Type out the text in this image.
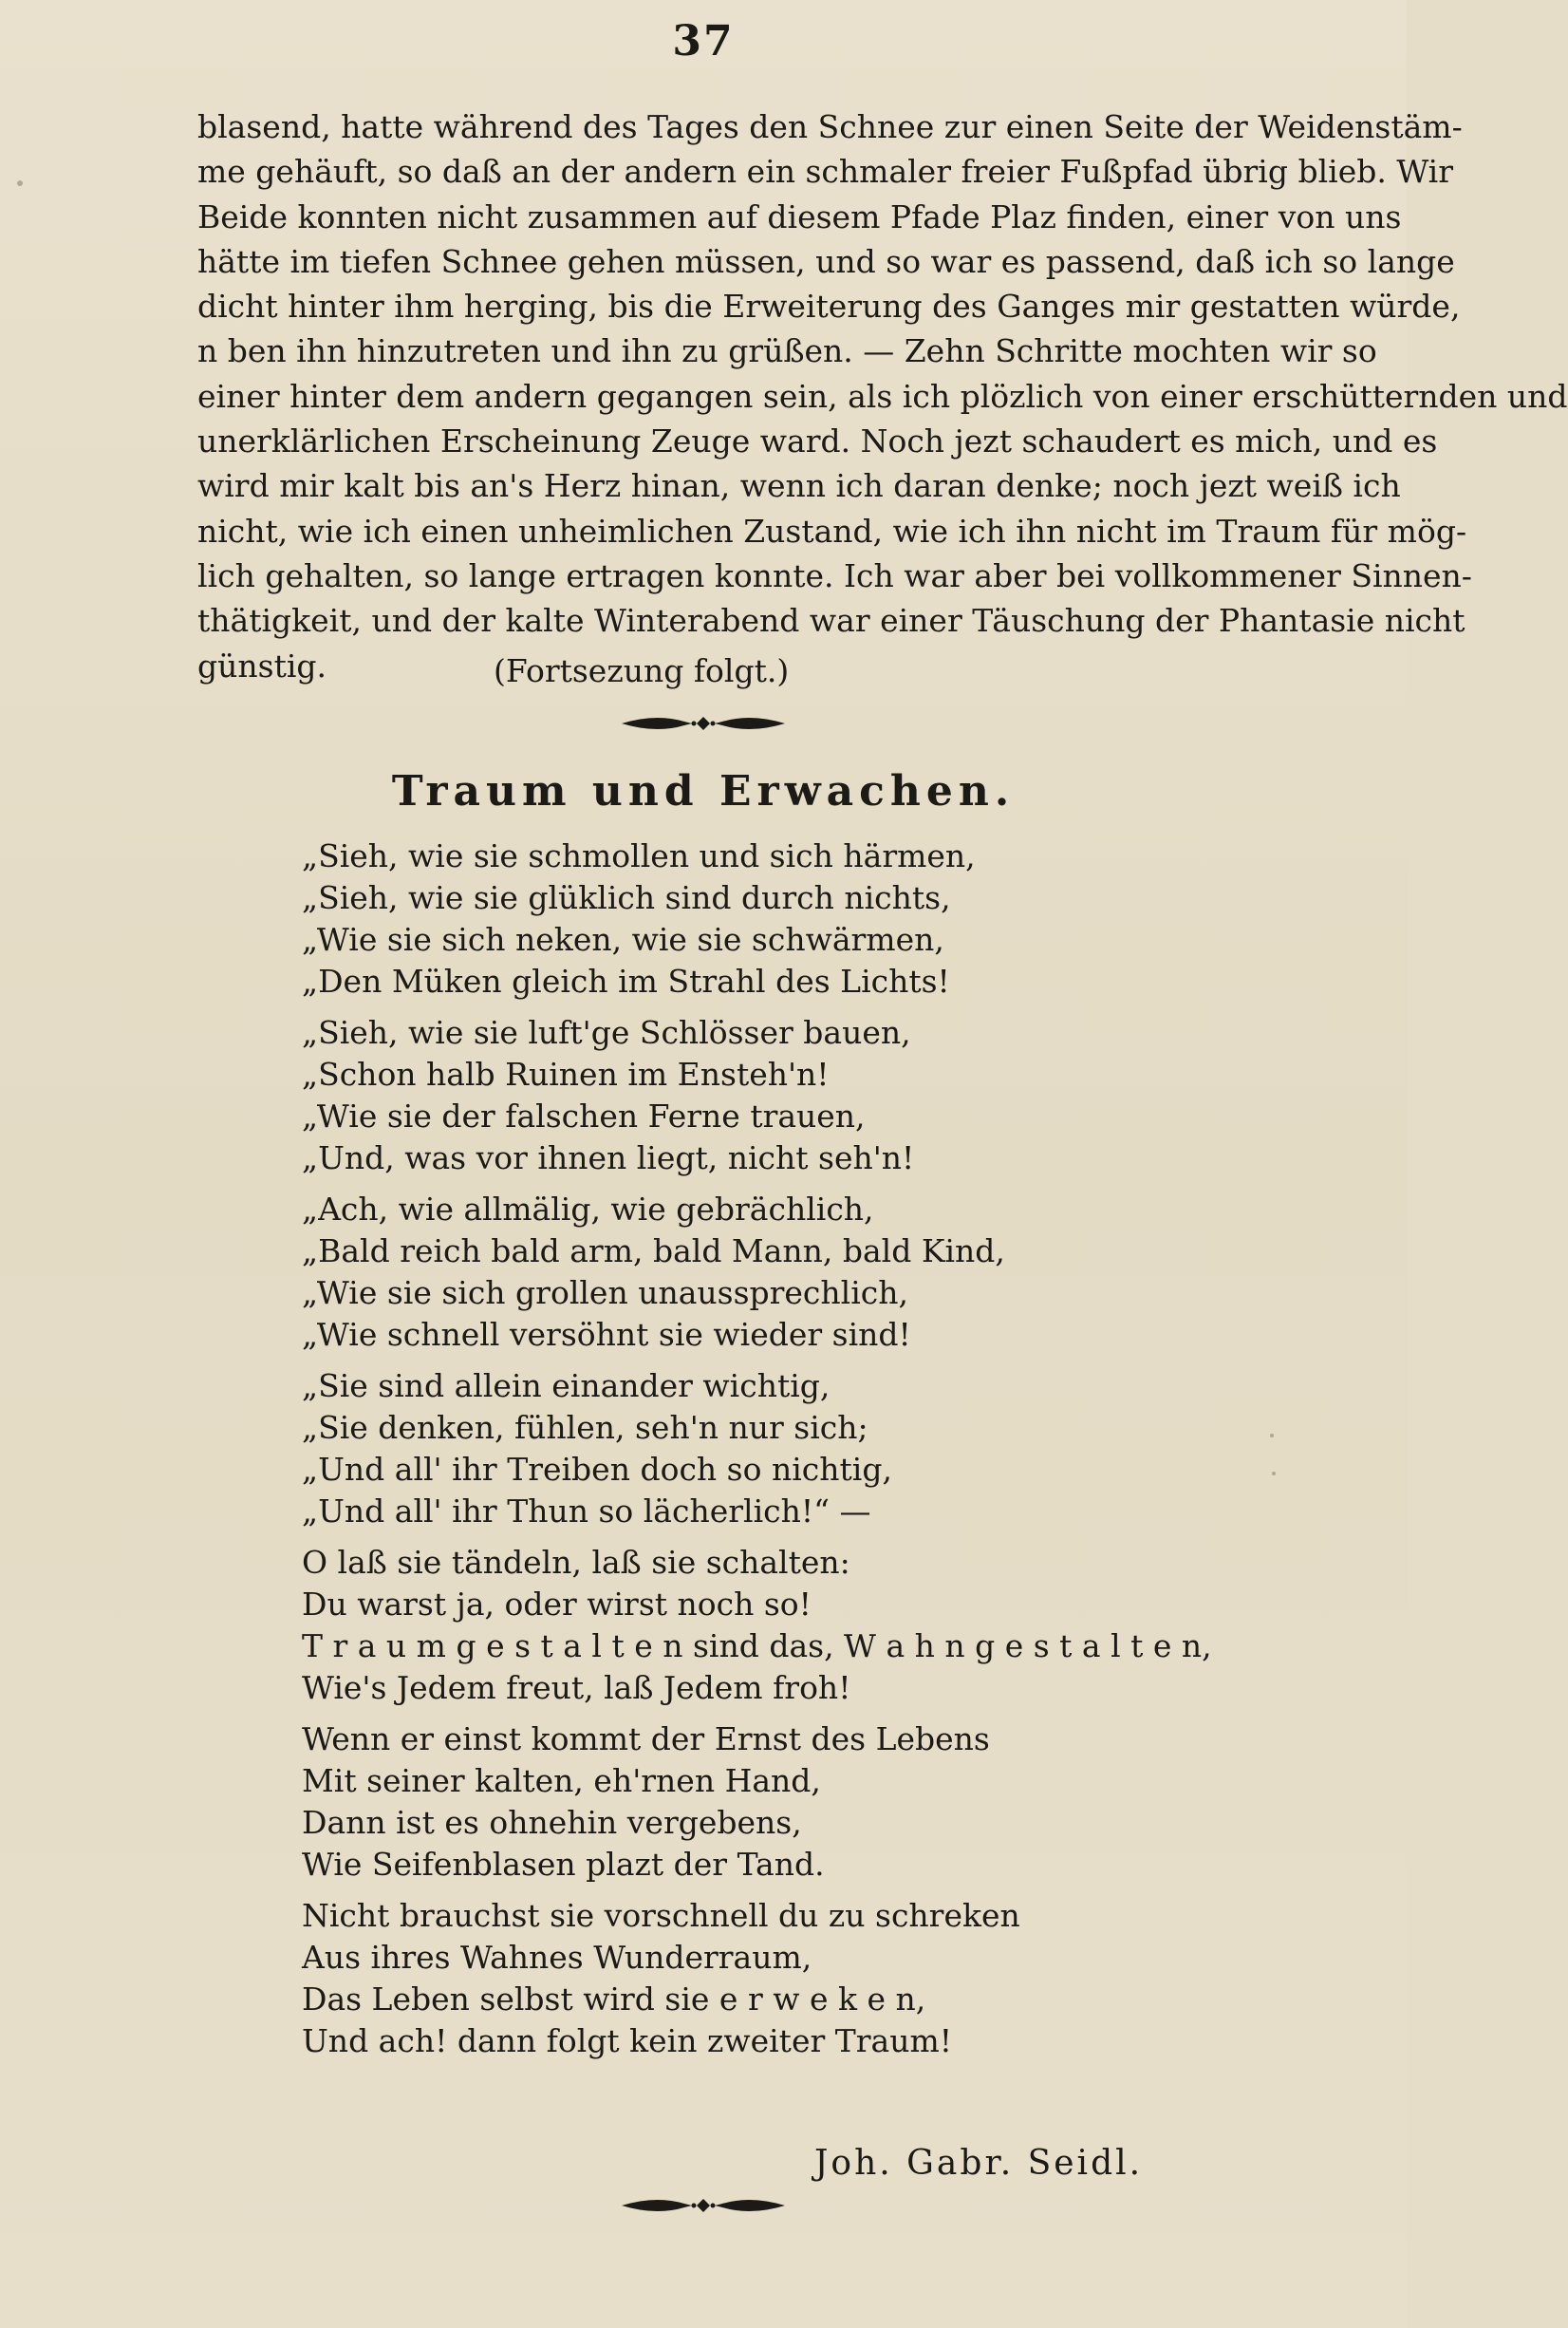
37
blasend, hatte während des Tages den Schnee zur einen Seite der Weidenstäm-
me gehäuft, so daß an der andern ein schmaler freier Fußpfad übrig blieb. Wir
Beide konnten nicht zusammen auf diesem Pfade Plaz finden, einer von uns
hätte im tiefen Schnee gehen müssen, und so war es passend, daß ich so lange
dicht hinter ihm herging, bis die Erweiterung des Ganges mir gestatten würde,
n ben ihn hinzutreten und ihn zu grüßen. — Zehn Schritte mochten wir so
einer hinter dem andern gegangen sein, als ich plözlich von einer erschütternden und
unerklärlichen Erscheinung Zeuge ward. Noch jezt schaudert es mich, und es
wird mir kalt bis an's Herz hinan, wenn ich daran denke; noch jezt weiß ich
nicht, wie ich einen unheimlichen Zustand, wie ich ihn nicht im Traum für mög-
lich gehalten, so lange ertragen konnte. Ich war aber bei vollkommener Sinnen-
thätigkeit, und der kalte Winterabend war einer Täuschung der Phantasie nicht
günstig.	(Fortsezung folgt.)
Traum und Erwachen.
„Sieh, wie sie schmollen und sich härmen,
„Sieh, wie sie glüklich sind durch nichts,
„Wie sie sich neken, wie sie schwärmen,
„Den Müken gleich im Strahl des Lichts!
„Sieh, wie sie luft'ge Schlösser bauen,
„Schon halb Ruinen im Ensteh'n!
„Wie sie der falschen Ferne trauen,
„Und, was vor ihnen liegt, nicht seh'n!
„Ach, wie allmälig, wie gebrächlich,
„Bald reich bald arm, bald Mann, bald Kind,
„Wie sie sich grollen unaussprechlich,
„Wie schnell versöhnt sie wieder sind!
„Sie sind allein einander wichtig,
„Sie denken, fühlen, seh'n nur sich;
„Und all' ihr Treiben doch so nichtig,
„Und all' ihr Thun so lächerlich!“ —
O laß sie tändeln, laß sie schalten:
Du warst ja, oder wirst noch so!
T r a u m g e s t a l t e n sind das, W a h n g e s t a l t e n,
Wie's Jedem freut, laß Jedem froh!
Wenn er einst kommt der Ernst des Lebens
Mit seiner kalten, eh'rnen Hand,
Dann ist es ohnehin vergebens,
Wie Seifenblasen plazt der Tand.
Nicht brauchst sie vorschnell du zu schreken
Aus ihres Wahnes Wunderraum,
Das Leben selbst wird sie e r w e k e n,
Und ach! dann folgt kein zweiter Traum!
Joh. Gabr. Seidl.
